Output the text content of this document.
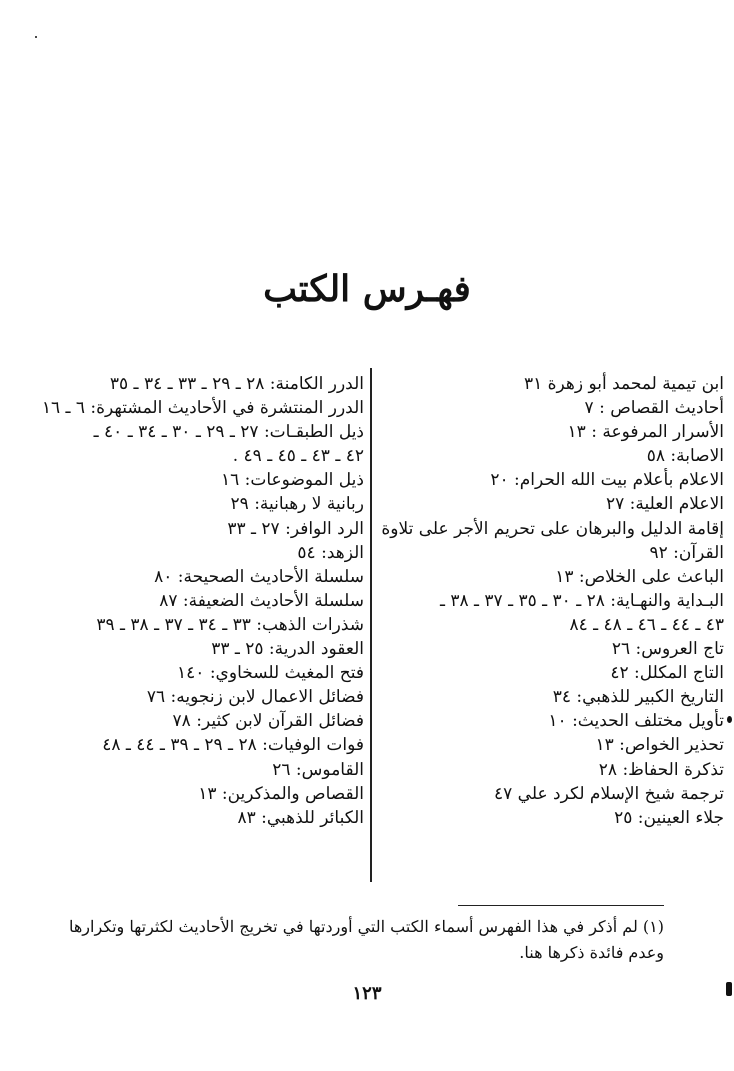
فهـرس الكتب
ابن تيمية لمحمد أبو زهرة ٣١
أحاديث القصاص : ٧
الأسرار المرفوعة : ١٣
الاصابة: ٥٨
الاعلام بأعلام بيت الله الحرام: ٢٠
الاعلام العلية: ٢٧
إقامة الدليل والبرهان على تحريم الأجر على تلاوة
القرآن: ٩٢
الباعث على الخلاص: ١٣
البـداية والنهـاية: ٢٨ ـ ٣٠ ـ ٣٥ ـ ٣٧ ـ ٣٨ ـ
٤٣ ـ ٤٤ ـ ٤٦ ـ ٤٨ ـ ٨٤
تاج العروس: ٢٦
التاج المكلل: ٤٢
التاريخ الكبير للذهبي: ٣٤
تأويل مختلف الحديث: ١٠
تحذير الخواص: ١٣
تذكرة الحفاظ: ٢٨
ترجمة شيخ الإسلام لكرد علي ٤٧
جلاء العينين: ٢٥
الدرر الكامنة: ٢٨ ـ ٢٩ ـ ٣٣ ـ ٣٤ ـ ٣٥
الدرر المنتشرة في الأحاديث المشتهرة: ٦ ـ ١٦
ذيل الطبقـات: ٢٧ ـ ٢٩ ـ ٣٠ ـ ٣٤ ـ ٤٠ ـ
٤٢ ـ ٤٣ ـ ٤٥ ـ ٤٩ .
ذيل الموضوعات: ١٦
ربانية لا رهبانية: ٢٩
الرد الوافر: ٢٧ ـ ٣٣
الزهد: ٥٤
سلسلة الأحاديث الصحيحة: ٨٠
سلسلة الأحاديث الضعيفة: ٨٧
شذرات الذهب: ٣٣ ـ ٣٤ ـ ٣٧ ـ ٣٨ ـ ٣٩
العقود الدرية: ٢٥ ـ ٣٣
فتح المغيث للسخاوي: ١٤٠
فضائل الاعمال لابن زنجويه: ٧٦
فضائل القرآن لابن كثير: ٧٨
فوات الوفيات: ٢٨ ـ ٢٩ ـ ٣٩ ـ ٤٤ ـ ٤٨
القاموس: ٢٦
القصاص والمذكرين: ١٣
الكبائر للذهبي: ٨٣
(١) لم أذكر في هذا الفهرس أسماء الكتب التي أوردتها في تخريج الأحاديث لكثرتها وتكرارها وعدم فائدة ذكرها هنا.
١٢٣
